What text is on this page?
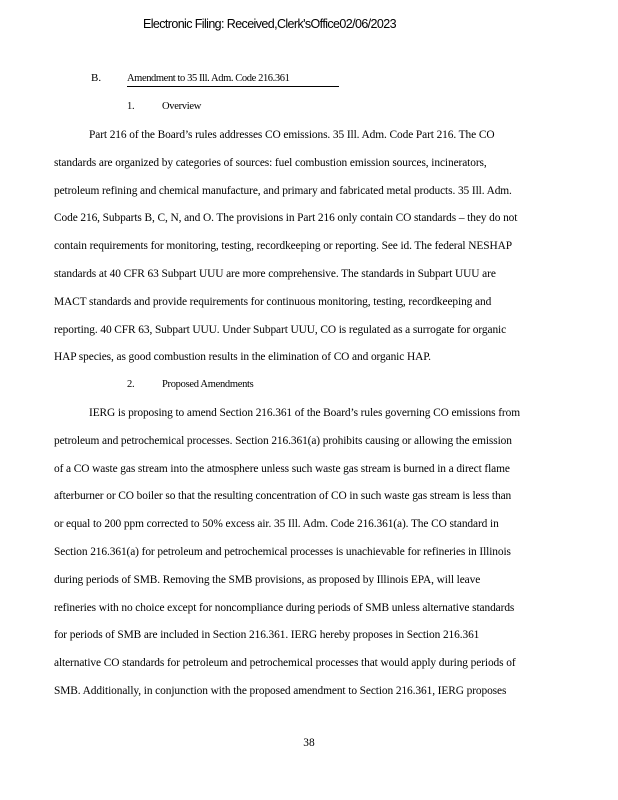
Electronic Filing: Received,Clerk'sOffice02/06/2023
B. Amendment to 35 Ill. Adm. Code 216.361
1.	Overview
Part 216 of the Board’s rules addresses CO emissions. 35 Ill. Adm. Code Part 216. The CO
standards are organized by categories of sources: fuel combustion emission sources, incinerators,
petroleum refining and chemical manufacture, and primary and fabricated metal products. 35 Ill. Adm.
Code 216, Subparts B, C, N, and O. The provisions in Part 216 only contain CO standards – they do not
contain requirements for monitoring, testing, recordkeeping or reporting. See id. The federal NESHAP
standards at 40 CFR 63 Subpart UUU are more comprehensive. The standards in Subpart UUU are
MACT standards and provide requirements for continuous monitoring, testing, recordkeeping and
reporting. 40 CFR 63, Subpart UUU. Under Subpart UUU, CO is regulated as a surrogate for organic
HAP species, as good combustion results in the elimination of CO and organic HAP.
2.	Proposed Amendments
IERG is proposing to amend Section 216.361 of the Board’s rules governing CO emissions from
petroleum and petrochemical processes. Section 216.361(a) prohibits causing or allowing the emission
of a CO waste gas stream into the atmosphere unless such waste gas stream is burned in a direct flame
afterburner or CO boiler so that the resulting concentration of CO in such waste gas stream is less than
or equal to 200 ppm corrected to 50% excess air. 35 Ill. Adm. Code 216.361(a). The CO standard in
Section 216.361(a) for petroleum and petrochemical processes is unachievable for refineries in Illinois
during periods of SMB. Removing the SMB provisions, as proposed by Illinois EPA, will leave
refineries with no choice except for noncompliance during periods of SMB unless alternative standards
for periods of SMB are included in Section 216.361. IERG hereby proposes in Section 216.361
alternative CO standards for petroleum and petrochemical processes that would apply during periods of
SMB. Additionally, in conjunction with the proposed amendment to Section 216.361, IERG proposes
38
